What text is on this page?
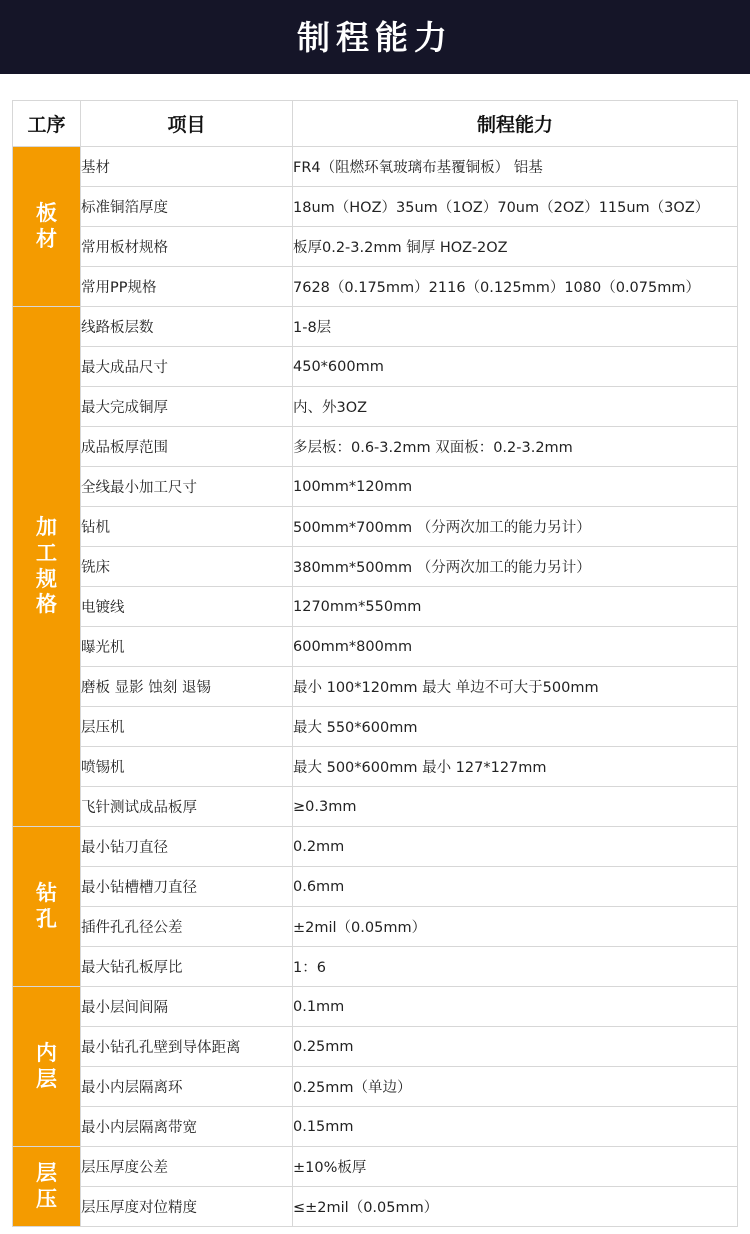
制程能力
工序	项目	制程能力
板材	基材	FR4（阻燃环氧玻璃布基覆铜板） 铝基
	标准铜箔厚度	18um（HOZ）35um（1OZ）70um（2OZ）115um（3OZ）
	常用板材规格	板厚0.2-3.2mm 铜厚 HOZ-2OZ
	常用PP规格	7628（0.175mm）2116（0.125mm）1080（0.075mm）
加工规格	线路板层数	1-8层
	最大成品尺寸	450*600mm
	最大完成铜厚	内、外3OZ
	成品板厚范围	多层板：0.6-3.2mm 双面板：0.2-3.2mm
	全线最小加工尺寸	100mm*120mm
	钻机	500mm*700mm （分两次加工的能力另计）
	铣床	380mm*500mm （分两次加工的能力另计）
	电镀线	1270mm*550mm
	曝光机	600mm*800mm
	磨板 显影 蚀刻 退锡	最小 100*120mm 最大 单边不可大于500mm
	层压机	最大 550*600mm
	喷锡机	最大 500*600mm 最小 127*127mm
	飞针测试成品板厚	≥0.3mm
钻孔	最小钻刀直径	0.2mm
	最小钻槽槽刀直径	0.6mm
	插件孔孔径公差	±2mil（0.05mm）
	最大钻孔板厚比	1：6
内层	最小层间间隔	0.1mm
	最小钻孔孔壁到导体距离	0.25mm
	最小内层隔离环	0.25mm（单边）
	最小内层隔离带宽	0.15mm
层压	层压厚度公差	±10%板厚
	层压厚度对位精度	≤±2mil（0.05mm）
